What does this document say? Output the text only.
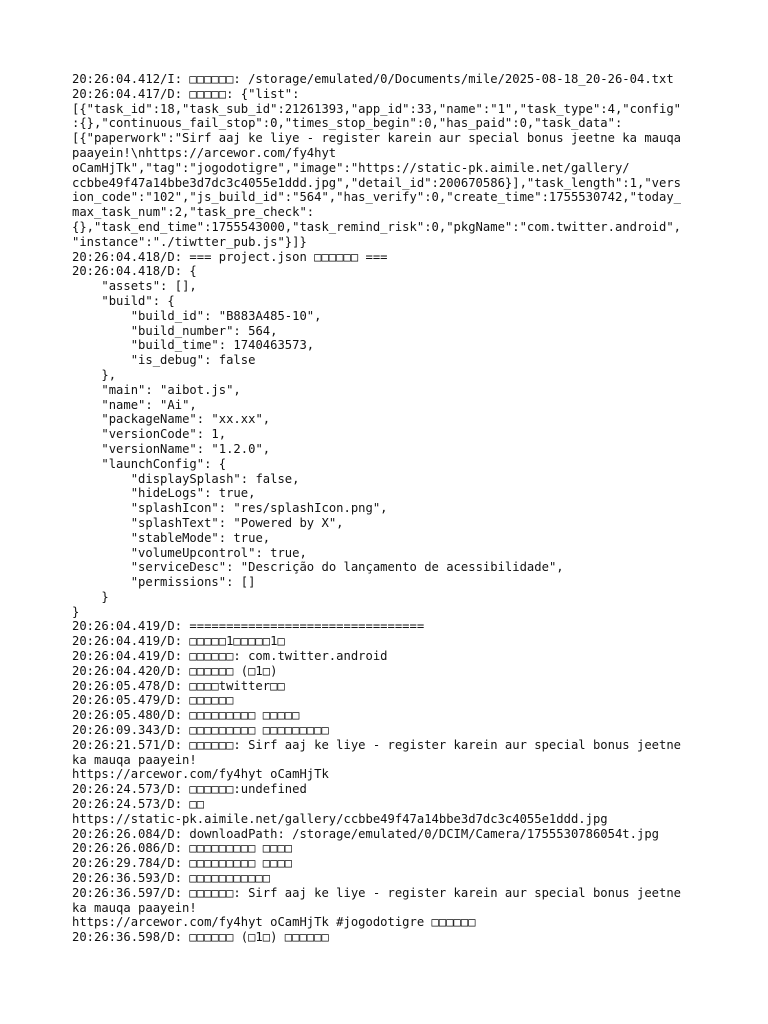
20:26:04.412/I: □□□□□□: /storage/emulated/0/Documents/mile/2025-08-18_20-26-04.txt
20:26:04.417/D: □□□□□: {"list":
[{"task_id":18,"task_sub_id":21261393,"app_id":33,"name":"1","task_type":4,"config"
:{},"continuous_fail_stop":0,"times_stop_begin":0,"has_paid":0,"task_data":
[{"paperwork":"Sirf aaj ke liye - register karein aur special bonus jeetne ka mauqa
paayein!\nhttps://arcewor.com/fy4hyt
oCamHjTk","tag":"jogodotigre","image":"https://static-pk.aimile.net/gallery/
ccbbe49f47a14bbe3d7dc3c4055e1ddd.jpg","detail_id":200670586}],"task_length":1,"vers
ion_code":"102","js_build_id":"564","has_verify":0,"create_time":1755530742,"today_
max_task_num":2,"task_pre_check":
{},"task_end_time":1755543000,"task_remind_risk":0,"pkgName":"com.twitter.android",
"instance":"./tiwtter_pub.js"}]}
20:26:04.418/D: === project.json □□□□□□ ===
20:26:04.418/D: {
"assets": [],
"build": {
"build_id": "B883A485-10",
"build_number": 564,
"build_time": 1740463573,
"is_debug": false
},
"main": "aibot.js",
"name": "Ai",
"packageName": "xx.xx",
"versionCode": 1,
"versionName": "1.2.0",
"launchConfig": {
"displaySplash": false,
"hideLogs": true,
"splashIcon": "res/splashIcon.png",
"splashText": "Powered by X",
"stableMode": true,
"volumeUpcontrol": true,
"serviceDesc": "Descrição do lançamento de acessibilidade",
"permissions": []
}
}
20:26:04.419/D: ================================
20:26:04.419/D: □□□□□1□□□□□1□
20:26:04.419/D: □□□□□□: com.twitter.android
20:26:04.420/D: □□□□□□ (□1□)
20:26:05.478/D: □□□□twitter□□
20:26:05.479/D: □□□□□□
20:26:05.480/D: □□□□□□□□□ □□□□□
20:26:09.343/D: □□□□□□□□□ □□□□□□□□□
20:26:21.571/D: □□□□□□: Sirf aaj ke liye - register karein aur special bonus jeetne
ka mauqa paayein!
https://arcewor.com/fy4hyt oCamHjTk
20:26:24.573/D: □□□□□□:undefined
20:26:24.573/D: □□
https://static-pk.aimile.net/gallery/ccbbe49f47a14bbe3d7dc3c4055e1ddd.jpg
20:26:26.084/D: downloadPath: /storage/emulated/0/DCIM/Camera/1755530786054t.jpg
20:26:26.086/D: □□□□□□□□□ □□□□
20:26:29.784/D: □□□□□□□□□ □□□□
20:26:36.593/D: □□□□□□□□□□□
20:26:36.597/D: □□□□□□: Sirf aaj ke liye - register karein aur special bonus jeetne
ka mauqa paayein!
https://arcewor.com/fy4hyt oCamHjTk #jogodotigre □□□□□□
20:26:36.598/D: □□□□□□ (□1□) □□□□□□
